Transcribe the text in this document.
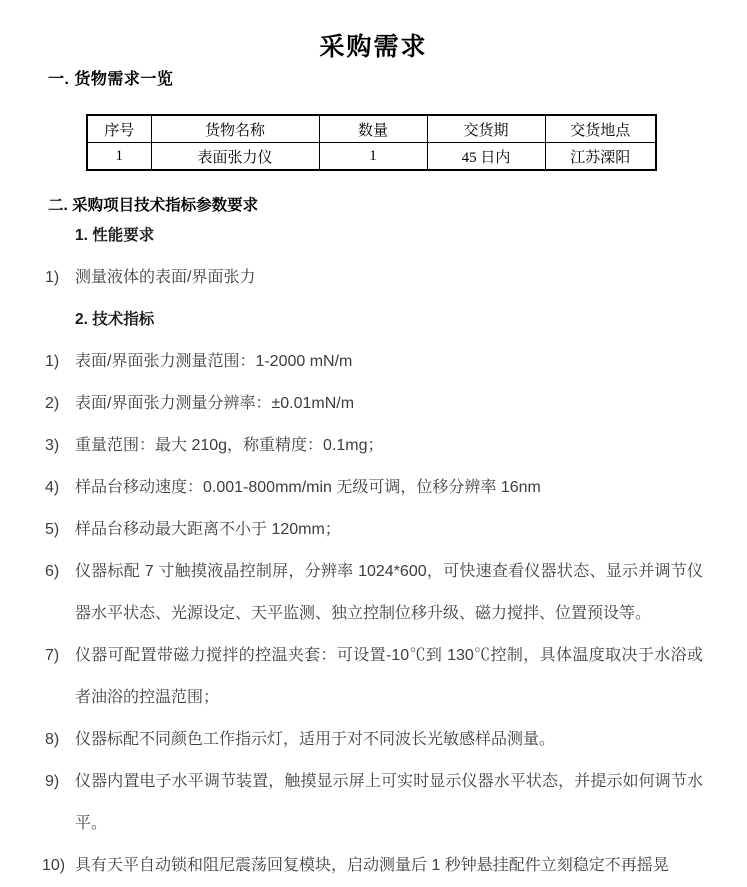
采购需求
一. 货物需求一览
序号	货物名称	数量	交货期	交货地点
1	表面张力仪	1	45 日内	江苏溧阳
二. 采购项目技术指标参数要求
1. 性能要求
1) 测量液体的表面/界面张力
2. 技术指标
1) 表面/界面张力测量范围：1-2000 mN/m
2) 表面/界面张力测量分辨率：±0.01mN/m
3) 重量范围：最大 210g，称重精度：0.1mg；
4) 样品台移动速度：0.001-800mm/min 无级可调，位移分辨率 16nm
5) 样品台移动最大距离不小于 120mm；
6) 仪器标配 7 寸触摸液晶控制屏，分辨率 1024*600，可快速查看仪器状态、显示并调节仪器水平状态、光源设定、天平监测、独立控制位移升级、磁力搅拌、位置预设等。
7) 仪器可配置带磁力搅拌的控温夹套：可设置-10℃到 130℃控制，具体温度取决于水浴或者油浴的控温范围；
8) 仪器标配不同颜色工作指示灯，适用于对不同波长光敏感样品测量。
9) 仪器内置电子水平调节装置，触摸显示屏上可实时显示仪器水平状态，并提示如何调节水平。
10) 具有天平自动锁和阻尼震荡回复模块，启动测量后 1 秒钟悬挂配件立刻稳定不再摇晃
